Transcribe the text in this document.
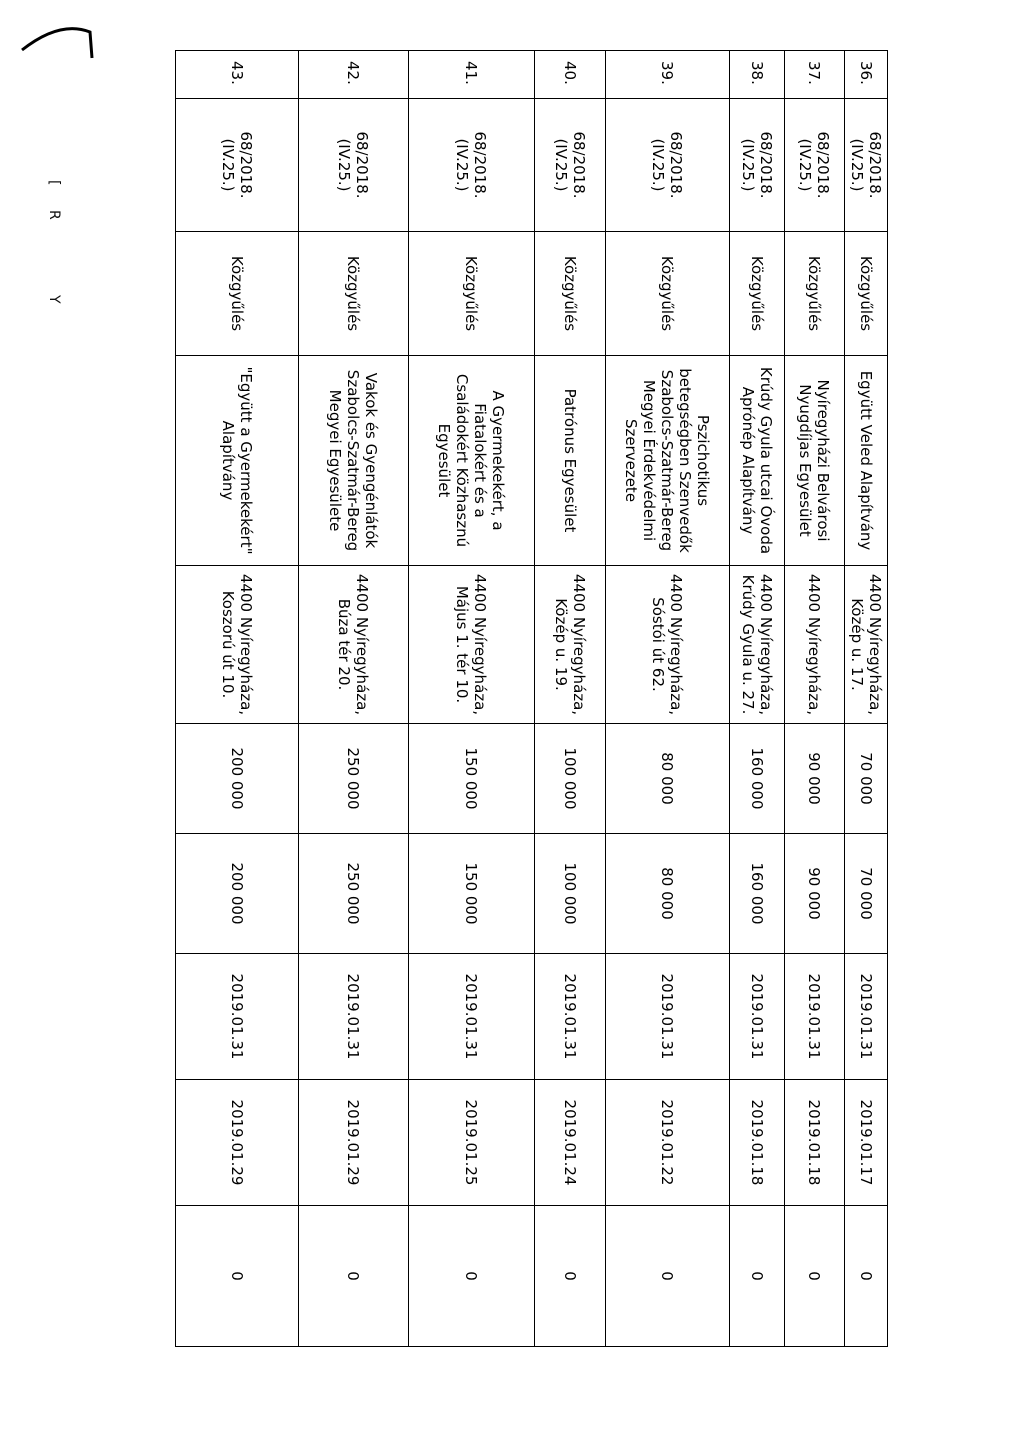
[
R
Y
36.	68/2018.
(IV.25.)	Közgyűlés	Együtt Veled Alapítvány	4400 Nyíregyháza,
Közép u. 17.	70 000	70 000	2019.01.31	2019.01.17	0
37.	68/2018.
(IV.25.)	Közgyűlés	Nyíregyházi Belvárosi
Nyugdíjas Egyesület	4400 Nyíregyháza,	90 000	90 000	2019.01.31	2019.01.18	0
38.	68/2018.
(IV.25.)	Közgyűlés	Krúdy Gyula utcai Óvoda
Aprónép Alapítvány	4400 Nyíregyháza,
Krúdy Gyula u. 27.	160 000	160 000	2019.01.31	2019.01.18	0
39.	68/2018.
(IV.25.)	Közgyűlés	Pszichotikus
betegségben Szenvedők
Szabolcs-Szatmár-Bereg
Megyei Érdekvédelmi
Szervezete	4400 Nyíregyháza,
Sóstói út 62.	80 000	80 000	2019.01.31	2019.01.22	0
40.	68/2018.
(IV.25.)	Közgyűlés	Patrónus Egyesület	4400 Nyíregyháza,
Közép u. 19.	100 000	100 000	2019.01.31	2019.01.24	0
41.	68/2018.
(IV.25.)	Közgyűlés	A Gyermekekért, a
Fiatalokért és a
Családokért Közhasznú
Egyesület	4400 Nyíregyháza,
Május 1. tér 10.	150 000	150 000	2019.01.31	2019.01.25	0
42.	68/2018.
(IV.25.)	Közgyűlés	Vakok és Gyengénlátók
Szabolcs-Szatmár-Bereg
Megyei Egyesülete	4400 Nyíregyháza,
Búza tér 20.	250 000	250 000	2019.01.31	2019.01.29	0
43.	68/2018.
(IV.25.)	Közgyűlés	"Együtt a Gyermekekért"
Alapítvány	4400 Nyíregyháza,
Koszorú út 10.	200 000	200 000	2019.01.31	2019.01.29	0
